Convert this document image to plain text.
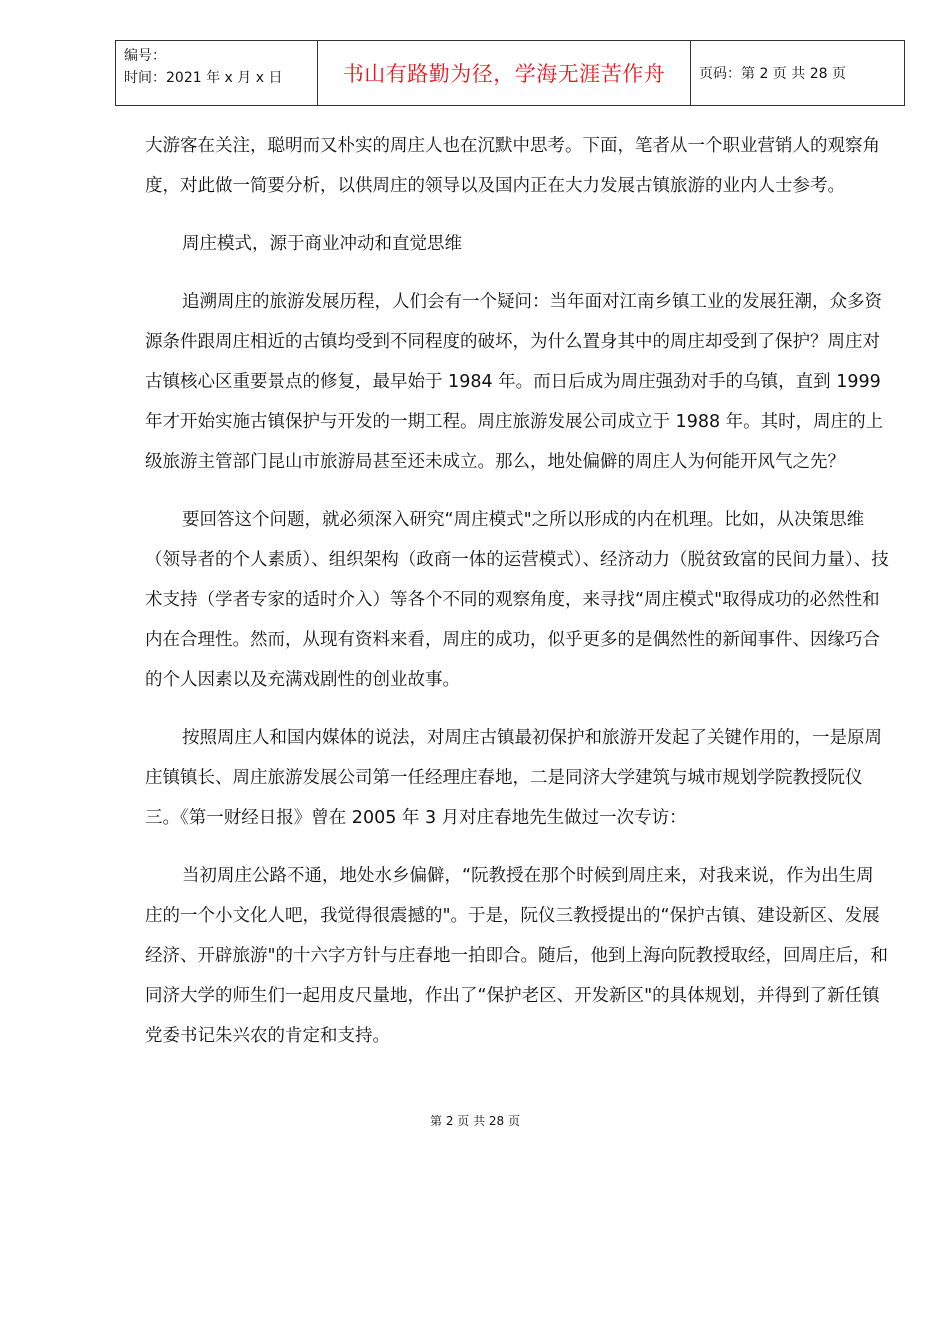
编号：
时间：2021 年 x 月 x 日	书山有路勤为径，学海无涯苦作舟	页码：第 2 页 共 28 页

大游客在关注，聪明而又朴实的周庄人也在沉默中思考。下面，笔者从一个职业营销人的观察角度，对此做一简要分析，以供周庄的领导以及国内正在大力发展古镇旅游的业内人士参考。

周庄模式，源于商业冲动和直觉思维

追溯周庄的旅游发展历程，人们会有一个疑问：当年面对江南乡镇工业的发展狂潮，众多资源条件跟周庄相近的古镇均受到不同程度的破坏，为什么置身其中的周庄却受到了保护？周庄对古镇核心区重要景点的修复，最早始于 1984 年。而日后成为周庄强劲对手的乌镇，直到 1999 年才开始实施古镇保护与开发的一期工程。周庄旅游发展公司成立于 1988 年。其时，周庄的上级旅游主管部门昆山市旅游局甚至还未成立。那么，地处偏僻的周庄人为何能开风气之先？

要回答这个问题，就必须深入研究“周庄模式"之所以形成的内在机理。比如，从决策思维（领导者的个人素质）、组织架构（政商一体的运营模式）、经济动力（脱贫致富的民间力量）、技术支持（学者专家的适时介入）等各个不同的观察角度，来寻找“周庄模式"取得成功的必然性和内在合理性。然而，从现有资料来看，周庄的成功，似乎更多的是偶然性的新闻事件、因缘巧合的个人因素以及充满戏剧性的创业故事。

按照周庄人和国内媒体的说法，对周庄古镇最初保护和旅游开发起了关键作用的，一是原周庄镇镇长、周庄旅游发展公司第一任经理庄春地，二是同济大学建筑与城市规划学院教授阮仪三。《第一财经日报》曾在 2005 年 3 月对庄春地先生做过一次专访：

当初周庄公路不通，地处水乡偏僻，“阮教授在那个时候到周庄来，对我来说，作为出生周庄的一个小文化人吧，我觉得很震撼的"。于是，阮仪三教授提出的“保护古镇、建设新区、发展经济、开辟旅游"的十六字方针与庄春地一拍即合。随后，他到上海向阮教授取经，回周庄后，和同济大学的师生们一起用皮尺量地，作出了“保护老区、开发新区"的具体规划，并得到了新任镇党委书记朱兴农的肯定和支持。

第 2 页 共 28 页
